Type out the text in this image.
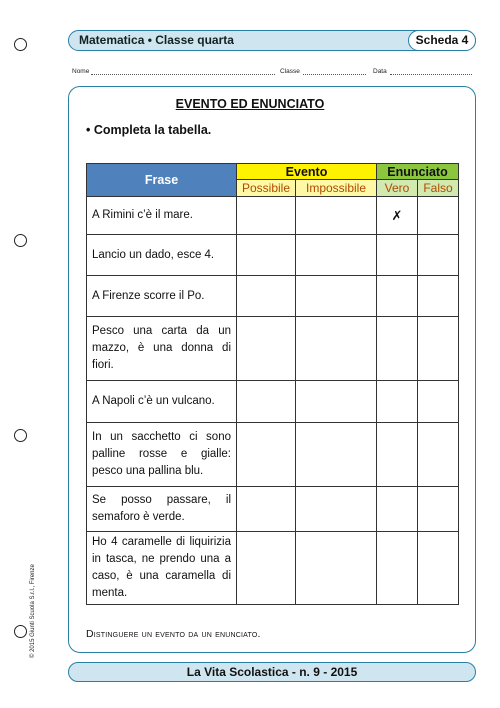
Matematica • Classe quarta	Scheda 4
Nome	Classe	Data
EVENTO ED ENUNCIATO
• Completa la tabella.
Frase	Evento		Enunciato	
	Possibile	Impossibile	Vero	Falso
A Rimini c’è il mare.			✗	
Lancio un dado, esce 4.				
A Firenze scorre il Po.				
Pesco una carta da un mazzo, è una donna di fiori.				
A Napoli c’è un vulcano.				
In un sacchetto ci sono palline rosse e gialle: pesco una pallina blu.				
Se posso passare, il semaforo è verde.				
Ho 4 caramelle di liquirizia in tasca, ne prendo una a caso, è una caramella di menta.				
Distinguere un evento da un enunciato.
© 2015 Giunti Scuola S.r.l., Firenze
La Vita Scolastica - n. 9 - 2015
